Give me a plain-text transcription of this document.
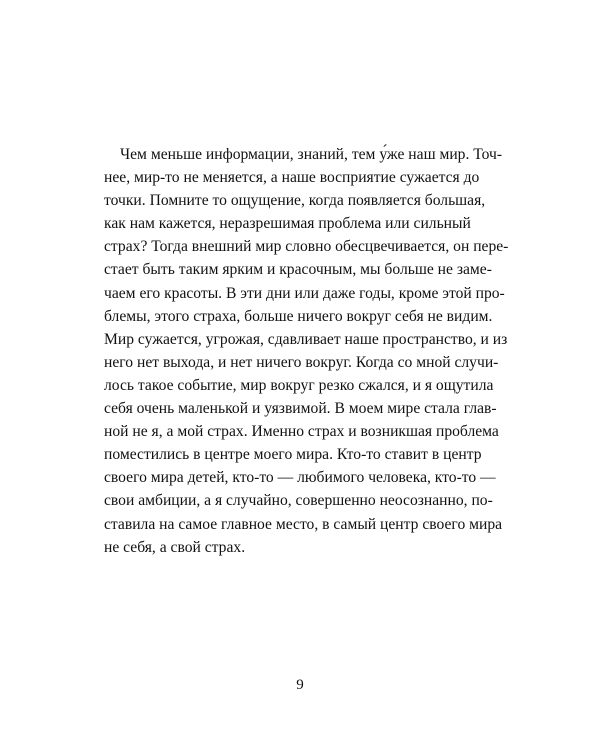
Чем меньше информации, знаний, тем у́же наш мир. Точ-
нее, мир-то не меняется, а наше восприятие сужается до
точки. Помните то ощущение, когда появляется большая,
как нам кажется, неразрешимая проблема или сильный
страх? Тогда внешний мир словно обесцвечивается, он пере-
стает быть таким ярким и красочным, мы больше не заме-
чаем его красоты. В эти дни или даже годы, кроме этой про-
блемы, этого страха, больше ничего вокруг себя не видим.
Мир сужается, угрожая, сдавливает наше пространство, и из
него нет выхода, и нет ничего вокруг. Когда со мной случи-
лось такое событие, мир вокруг резко сжался, и я ощутила
себя очень маленькой и уязвимой. В моем мире стала глав-
ной не я, а мой страх. Именно страх и возникшая проблема
поместились в центре моего мира. Кто-то ставит в центр
своего мира детей, кто-то — любимого человека, кто-то —
свои амбиции, а я случайно, совершенно неосознанно, по-
ставила на самое главное место, в самый центр своего мира
не себя, а свой страх.
9
